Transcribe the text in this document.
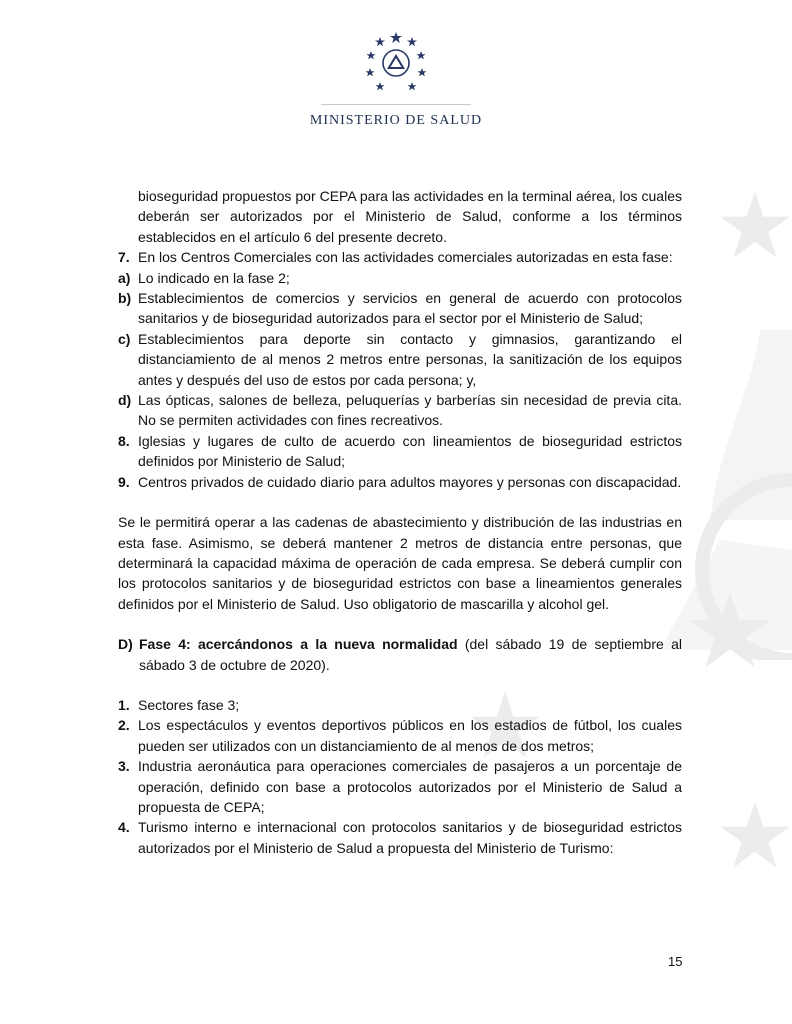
MINISTERIO DE SALUD
bioseguridad propuestos por CEPA para las actividades en la terminal aérea, los cuales deberán ser autorizados por el Ministerio de Salud, conforme a los términos establecidos en el artículo 6 del presente decreto.
7. En los Centros Comerciales con las actividades comerciales autorizadas en esta fase:
a) Lo indicado en la fase 2;
b) Establecimientos de comercios y servicios en general de acuerdo con protocolos sanitarios y de bioseguridad autorizados para el sector por el Ministerio de Salud;
c) Establecimientos para deporte sin contacto y gimnasios, garantizando el distanciamiento de al menos 2 metros entre personas, la sanitización de los equipos antes y después del uso de estos por cada persona; y,
d) Las ópticas, salones de belleza, peluquerías y barberías sin necesidad de previa cita. No se permiten actividades con fines recreativos.
8. Iglesias y lugares de culto de acuerdo con lineamientos de bioseguridad estrictos definidos por Ministerio de Salud;
9. Centros privados de cuidado diario para adultos mayores y personas con discapacidad.
Se le permitirá operar a las cadenas de abastecimiento y distribución de las industrias en esta fase. Asimismo, se deberá mantener 2 metros de distancia entre personas, que determinará la capacidad máxima de operación de cada empresa. Se deberá cumplir con los protocolos sanitarios y de bioseguridad estrictos con base a lineamientos generales definidos por el Ministerio de Salud. Uso obligatorio de mascarilla y alcohol gel.
D) Fase 4: acercándonos a la nueva normalidad (del sábado 19 de septiembre al sábado 3 de octubre de 2020).
1. Sectores fase 3;
2. Los espectáculos y eventos deportivos públicos en los estadios de fútbol, los cuales pueden ser utilizados con un distanciamiento de al menos de dos metros;
3. Industria aeronáutica para operaciones comerciales de pasajeros a un porcentaje de operación, definido con base a protocolos autorizados por el Ministerio de Salud a propuesta de CEPA;
4. Turismo interno e internacional con protocolos sanitarios y de bioseguridad estrictos autorizados por el Ministerio de Salud a propuesta del Ministerio de Turismo:
15
